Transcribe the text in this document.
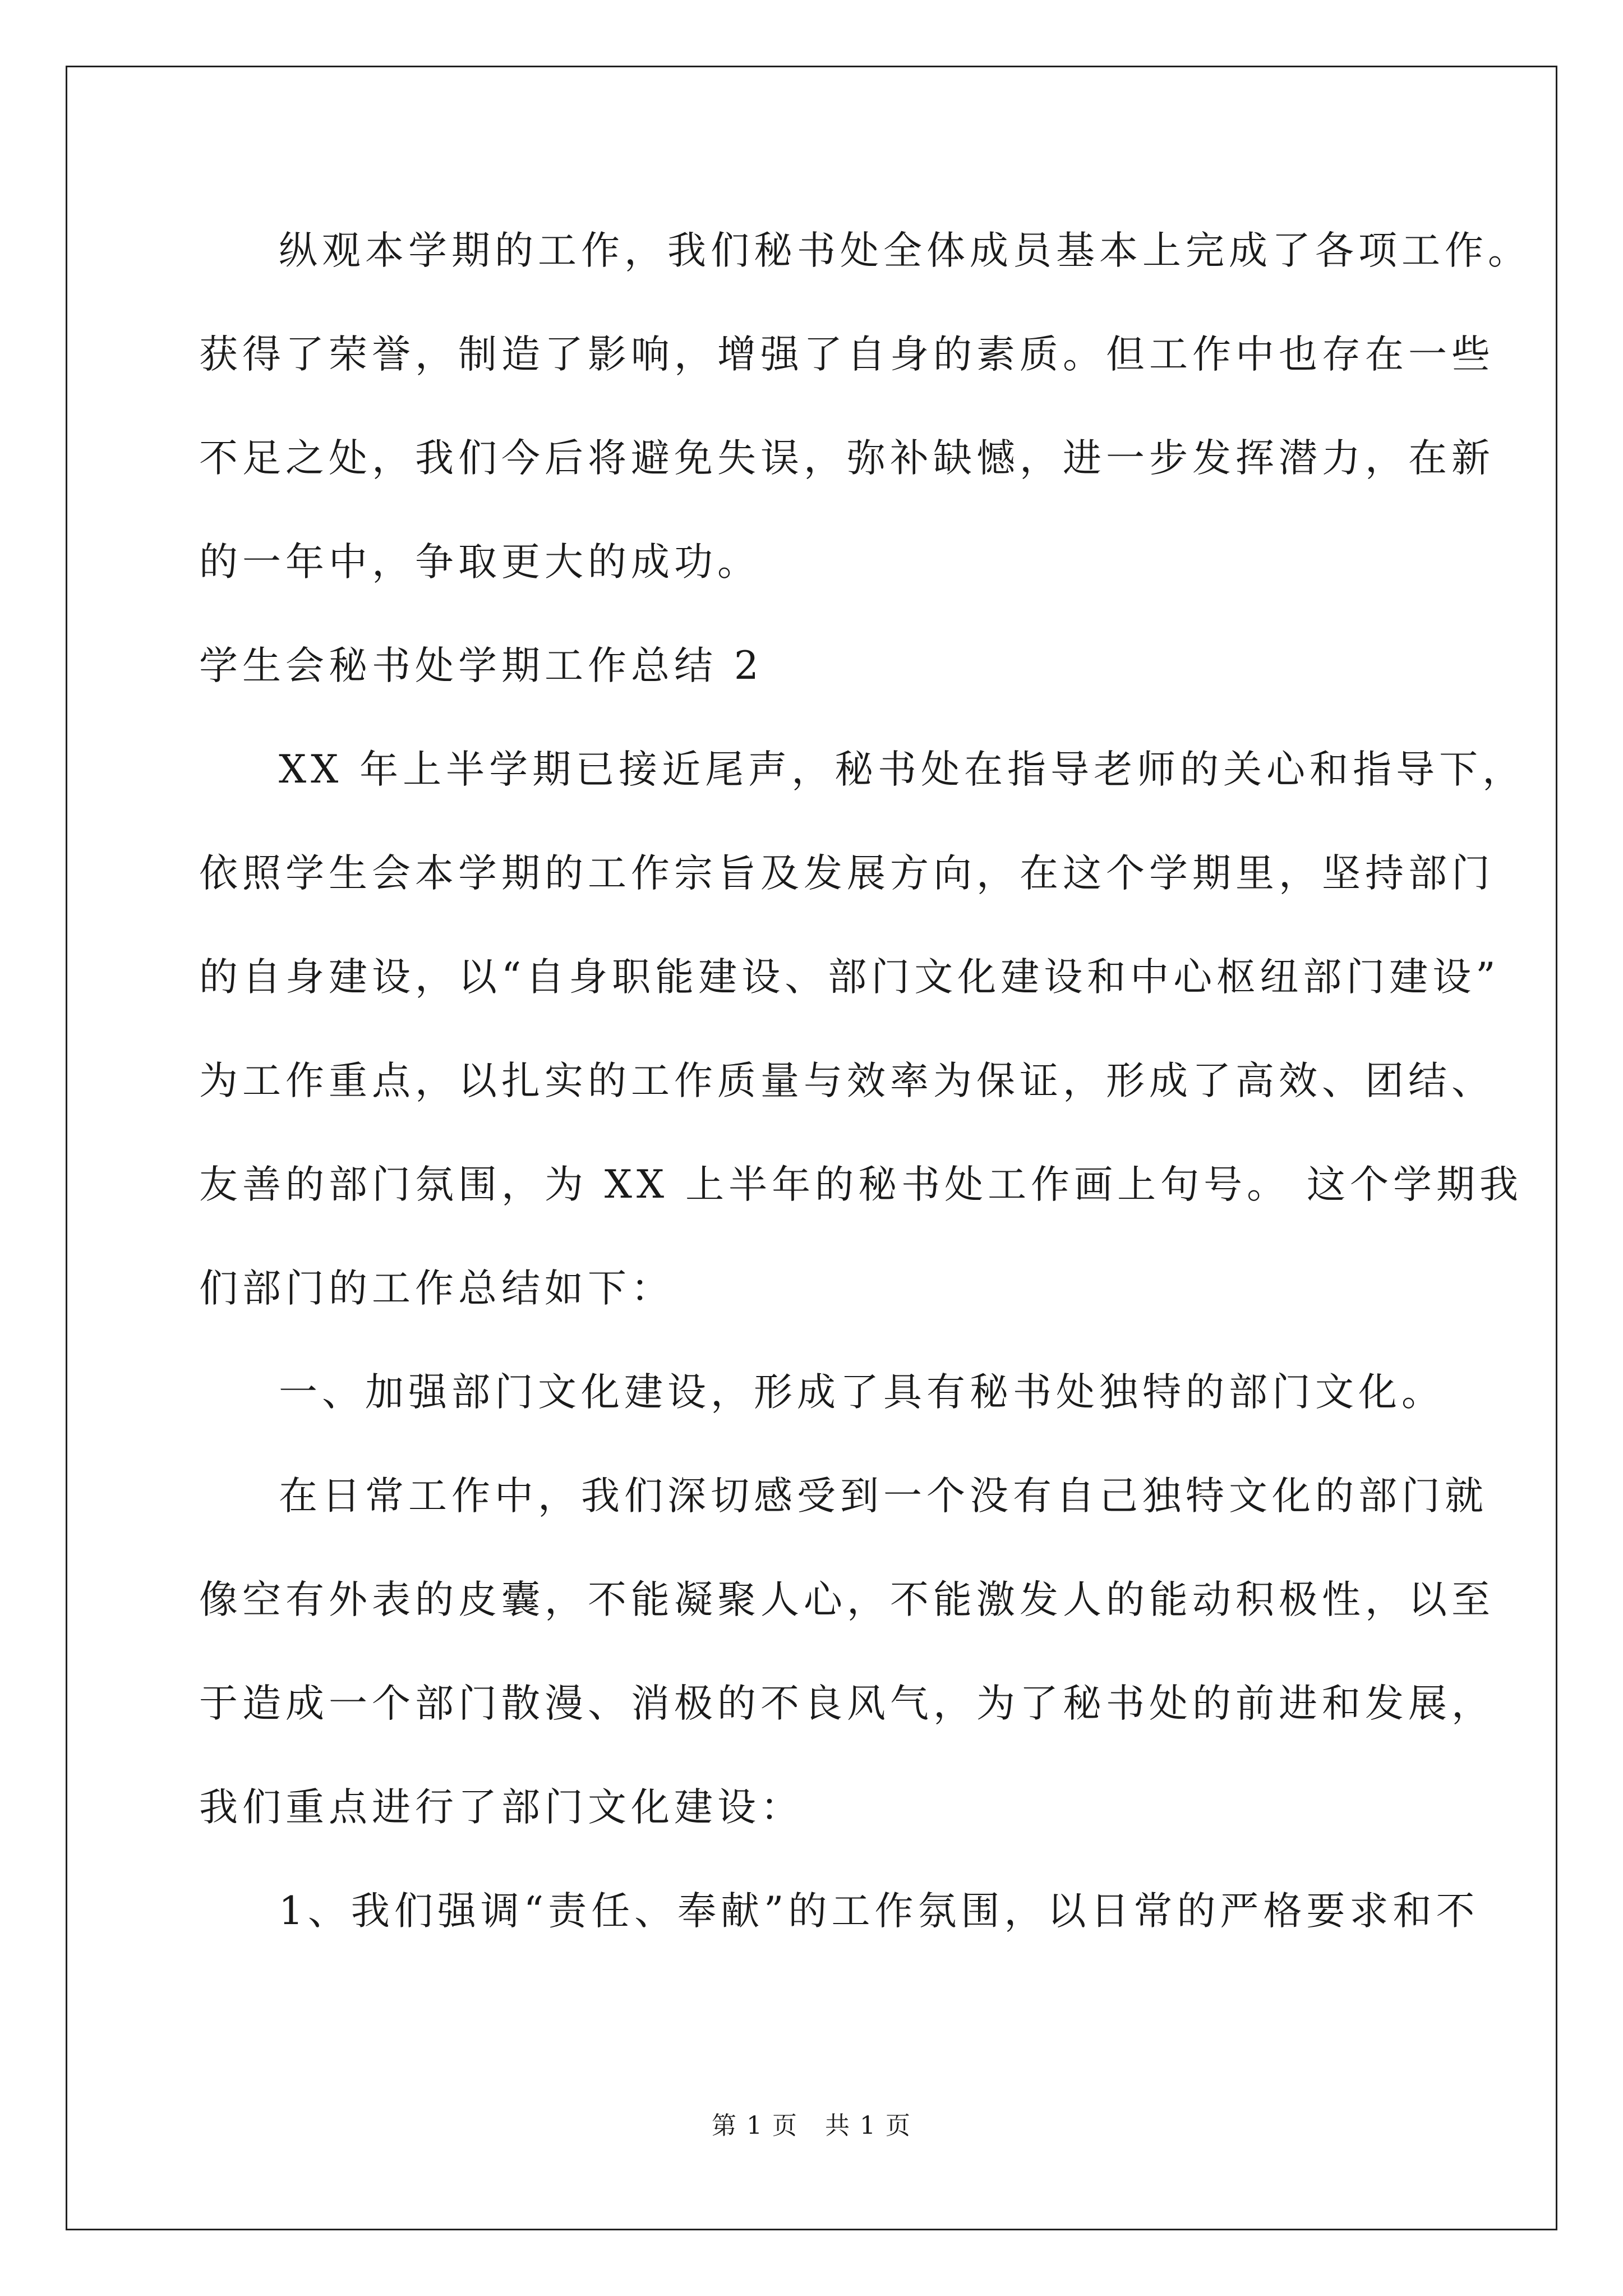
纵观本学期的工作，我们秘书处全体成员基本上完成了各项工作。
获得了荣誉，制造了影响，增强了自身的素质。但工作中也存在一些
不足之处，我们今后将避免失误，弥补缺憾，进一步发挥潜力，在新
的一年中，争取更大的成功。
学生会秘书处学期工作总结 2
XX 年上半学期已接近尾声，秘书处在指导老师的关心和指导下，
依照学生会本学期的工作宗旨及发展方向，在这个学期里，坚持部门
的自身建设，以“自身职能建设、部门文化建设和中心枢纽部门建设”
为工作重点，以扎实的工作质量与效率为保证，形成了高效、团结、
友善的部门氛围，为 XX 上半年的秘书处工作画上句号。 这个学期我
们部门的工作总结如下：
一、加强部门文化建设，形成了具有秘书处独特的部门文化。
在日常工作中，我们深切感受到一个没有自己独特文化的部门就
像空有外表的皮囊，不能凝聚人心，不能激发人的能动积极性，以至
于造成一个部门散漫、消极的不良风气，为了秘书处的前进和发展，
我们重点进行了部门文化建设：
1、我们强调“责任、奉献”的工作氛围，以日常的严格要求和不
第 1 页   共 1 页
